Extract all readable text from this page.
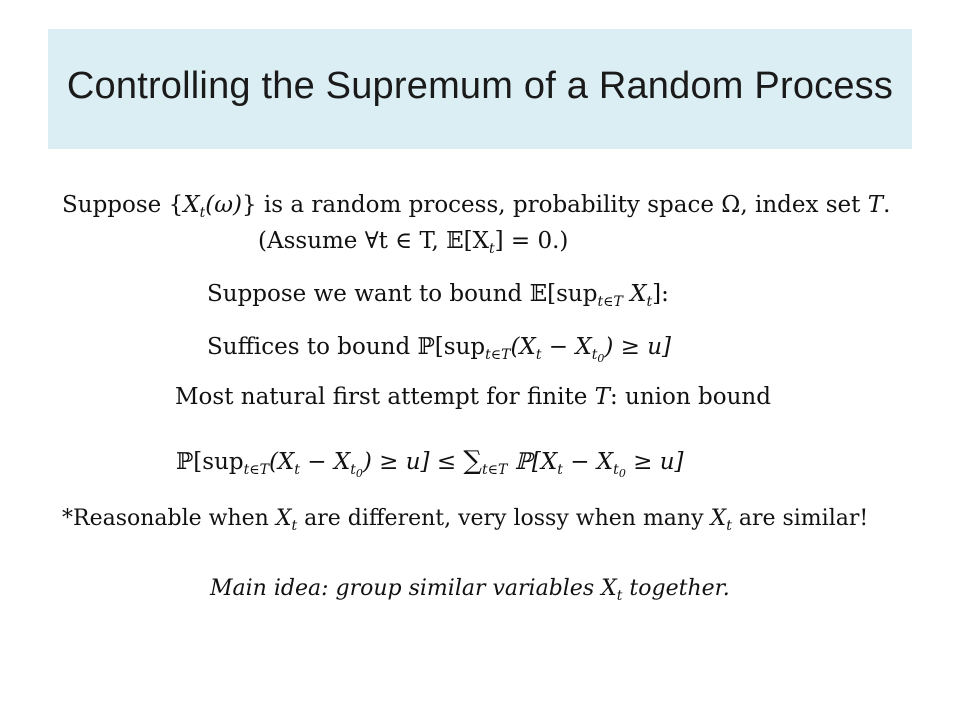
Controlling the Supremum of a Random Process
Suppose $\{X_t(\omega)\}$ is a random process, probability space Ω, index set T.
(Assume ∀t ∈ T, $𝔼[X_t] = 0$.)
Suppose we want to bound 𝔼[sup$_{t\in T}$ $X_t$]:
Suffices to bound $ℙ[sup_{t\in T}(X_t - X_{t_0}) \ge u]$
Most natural first attempt for finite T: union bound
$ℙ[sup_{t\in T}(X_t - X_{t_0}) \ge u] \le \sum_{t\in T}$ $ℙ[X_t - X_{t_0} \ge u]$
*Reasonable when $X_t$ are different, very lossy when many $X_t$ are similar!
Main idea: group similar variables $X_t$ together.
